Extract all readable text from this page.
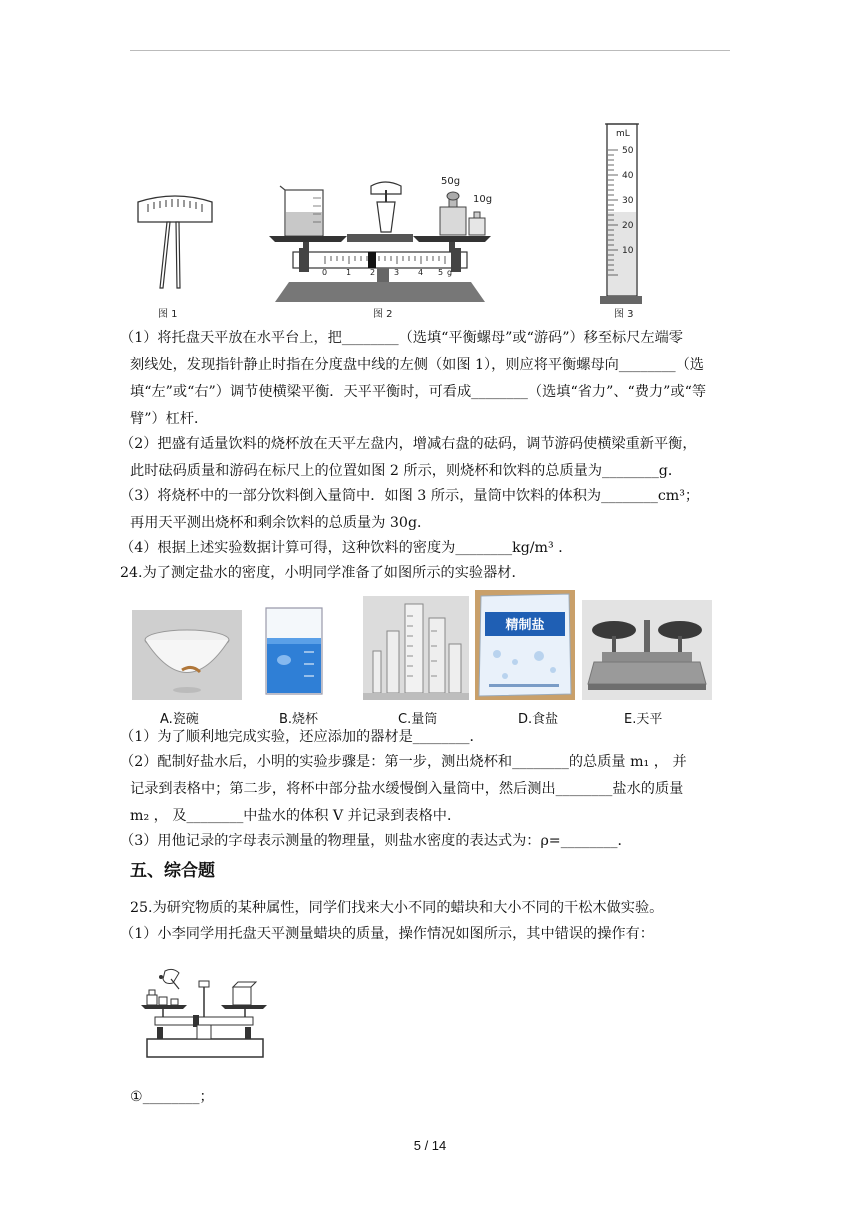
图 1
50g
10g
0 1 2 3 4 5 g
图 2
mL
50
40
30
20
10
图 3
（1）将托盘天平放在水平台上，把________（选填“平衡螺母”或“游码”）移至标尺左端零
刻线处，发现指针静止时指在分度盘中线的左侧（如图 1），则应将平衡螺母向________（选
填“左”或“右”）调节使横梁平衡．天平平衡时，可看成________（选填“省力”、“费力”或“等
臂”）杠杆．
（2）把盛有适量饮料的烧杯放在天平左盘内，增减右盘的砝码，调节游码使横梁重新平衡，
此时砝码质量和游码在标尺上的位置如图 2 所示，则烧杯和饮料的总质量为________g．
（3）将烧杯中的一部分饮料倒入量筒中．如图 3 所示，量筒中饮料的体积为________cm³；
再用天平测出烧杯和剩余饮料的总质量为 30g．
（4）根据上述实验数据计算可得，这种饮料的密度为________kg/m³ ．
24.为了测定盐水的密度，小明同学准备了如图所示的实验器材．
A.瓷碗	B.烧杯	C.量筒
精制盐
D.食盐	E.天平
（1）为了顺利地完成实验，还应添加的器材是________．
（2）配制好盐水后，小明的实验步骤是：第一步，测出烧杯和________的总质量 m₁ ， 并
记录到表格中；第二步，将杯中部分盐水缓慢倒入量筒中，然后测出________盐水的质量
m₂ ， 及________中盐水的体积 V 并记录到表格中．
（3）用他记录的字母表示测量的物理量，则盐水密度的表达式为：ρ=________．
五、综合题
25.为研究物质的某种属性，同学们找来大小不同的蜡块和大小不同的干松木做实验。
（1）小李同学用托盘天平测量蜡块的质量，操作情况如图所示，其中错误的操作有：
①________；
5 / 14
